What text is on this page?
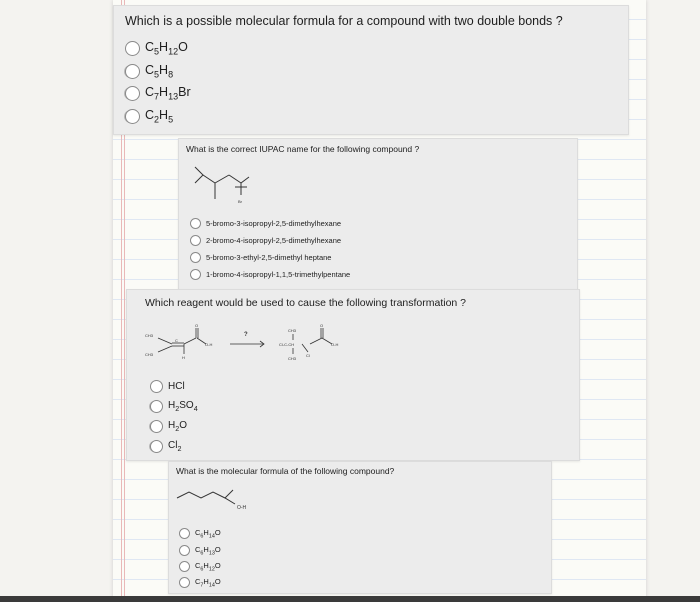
Which is a possible molecular formula for a compound with two double bonds ?
$C_5H_{12}O$
$C_5H_8$
$C_7H_{13}Br$
$C_2H_5$
What is the correct IUPAC name for the following compound ?
Br
5-bromo-3-isopropyl-2,5-dimethylhexane
2-bromo-4-isopropyl-2,5-dimethylhexane
5-bromo-3-ethyl-2,5-dimethyl heptane
1-bromo-4-isopropyl-1,1,5-trimethylpentane
Which reagent would be used to cause the following transformation ?
CH3
CH3
C
O
O-H
H
?
CH3
Cl-C-CH
CH3
Cl
O
O-H
HCl
$H_2SO_4$
$H_2O$
$Cl_2$
What is the molecular formula of the following compound?
O-H
$C_6H_{14}O$
$C_6H_{13}O$
$C_6H_{12}O$
$C_7H_{14}O$
